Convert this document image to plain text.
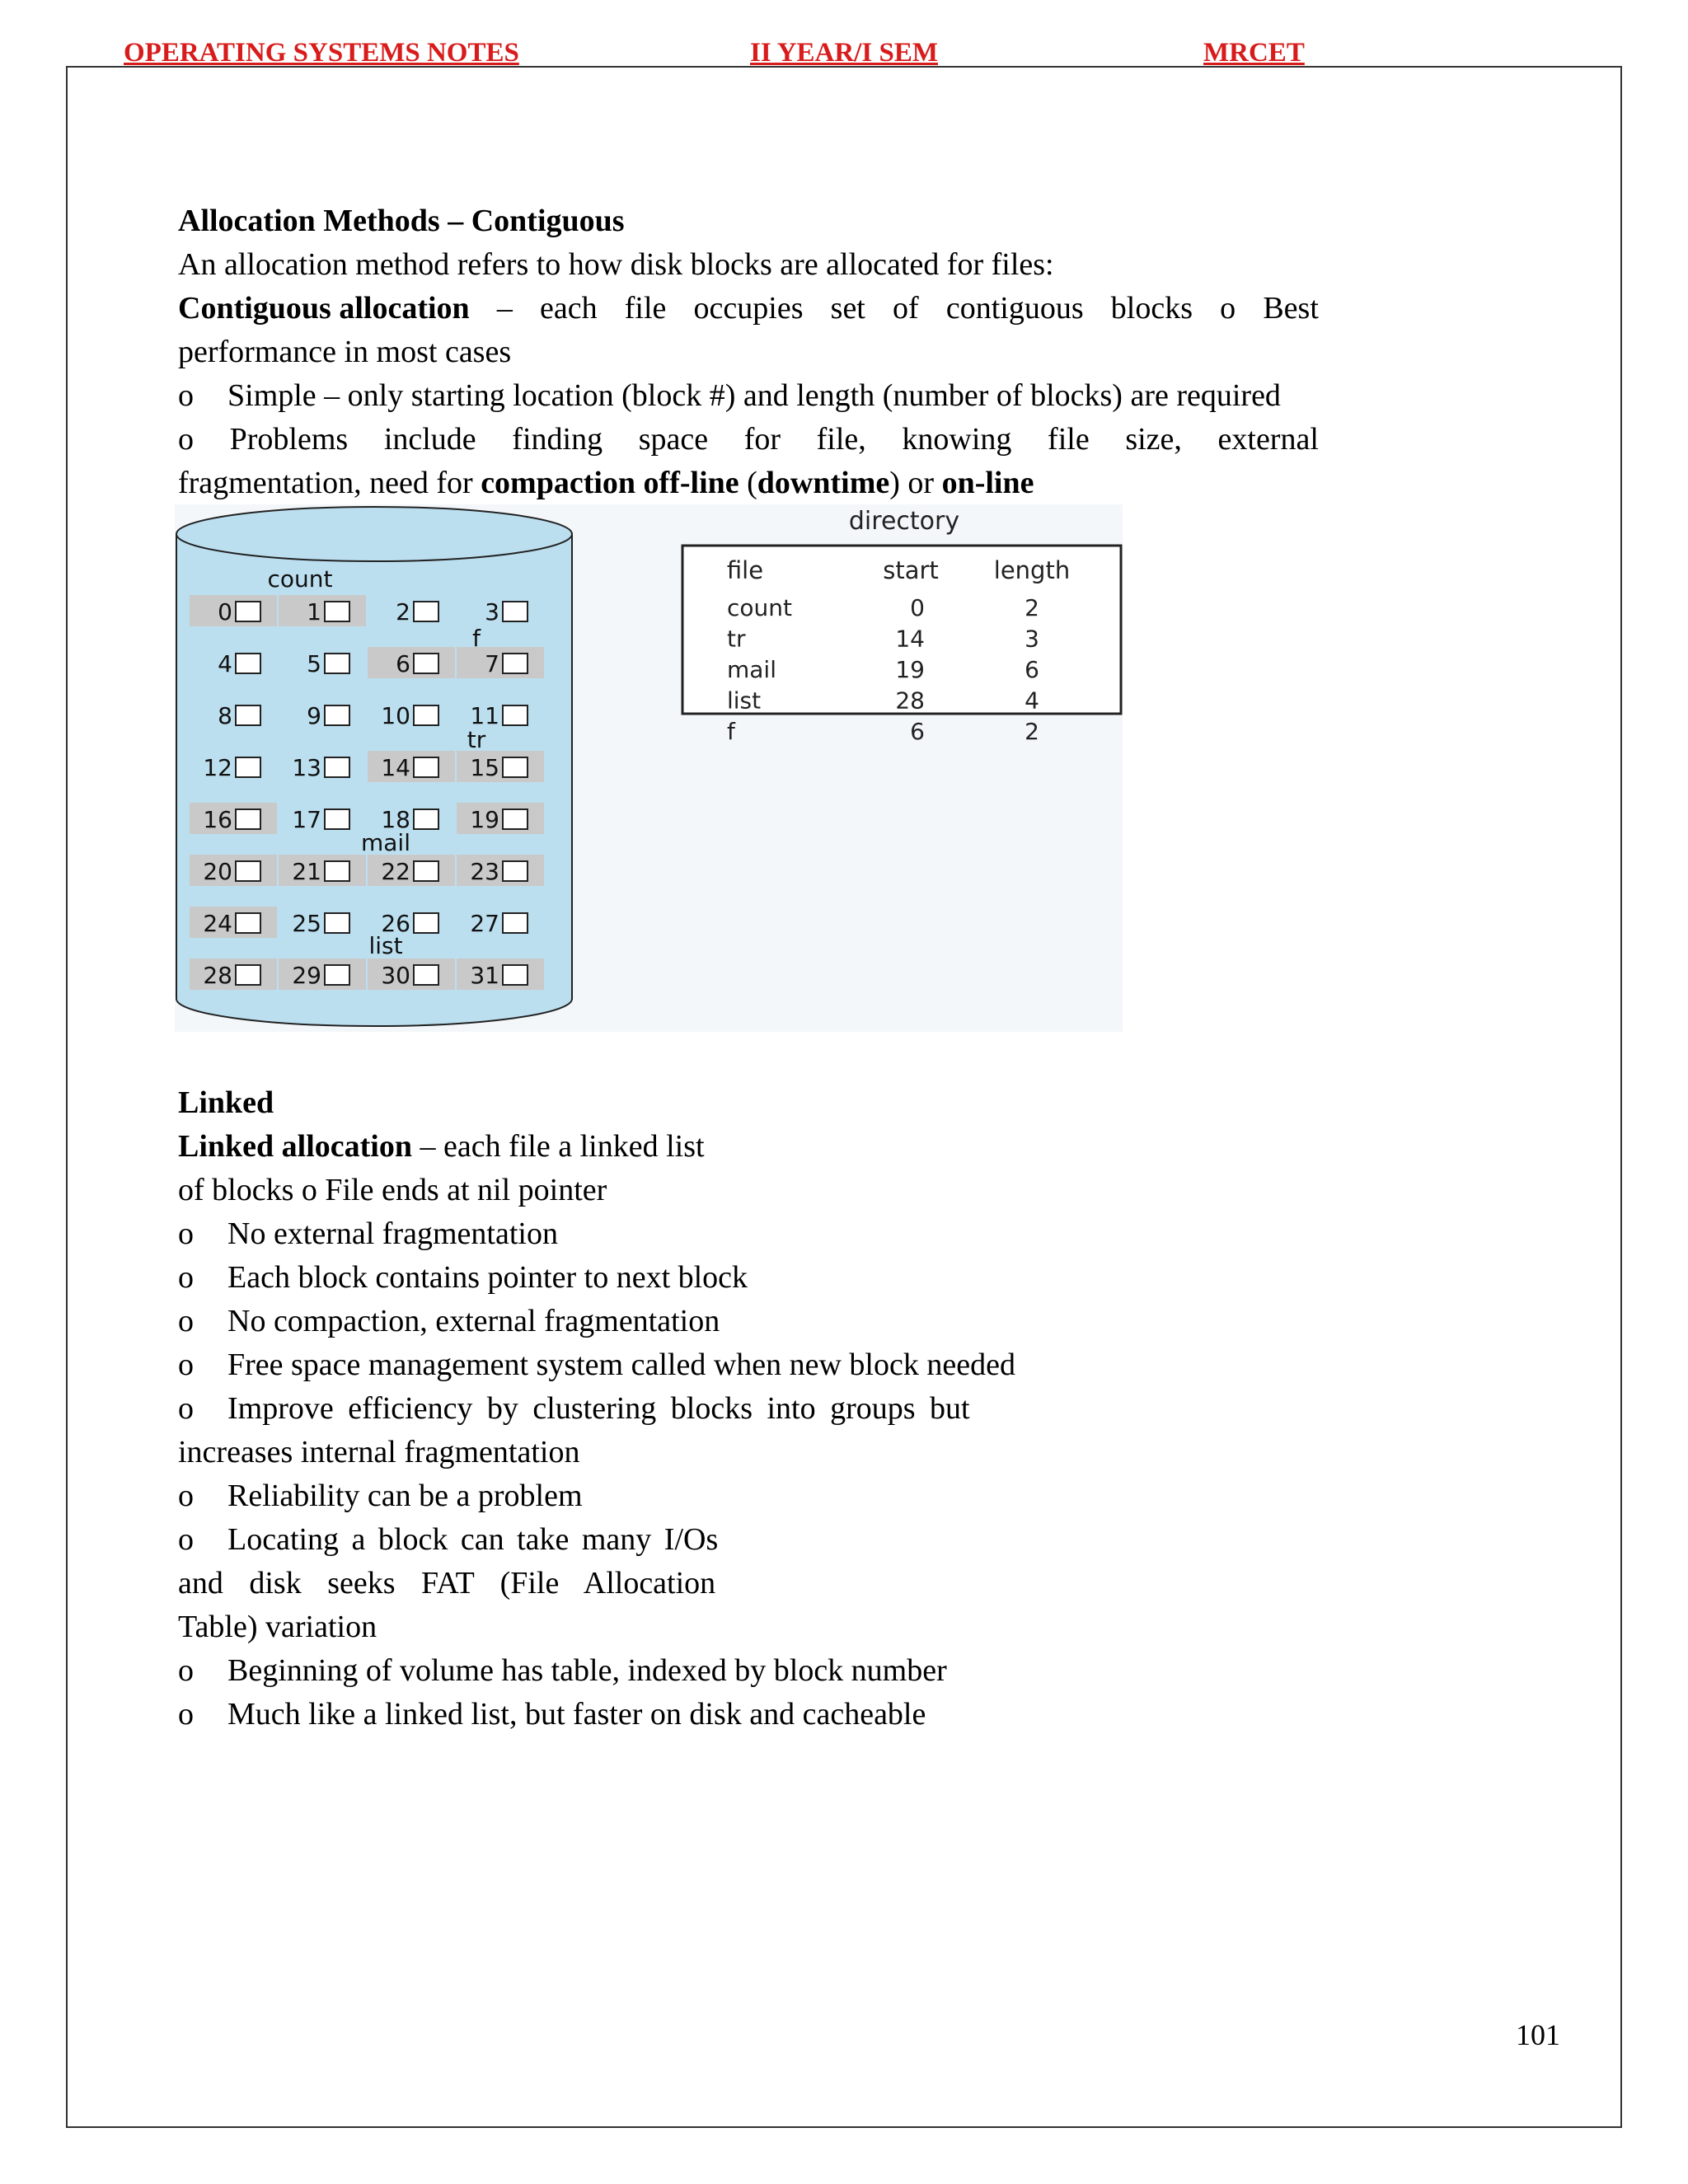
OPERATING SYSTEMS NOTES	II YEAR/I SEM	MRCET
Allocation Methods – Contiguous
An allocation method refers to how disk blocks are allocated for files:
Contiguous allocation – each file occupies set of contiguous blocks o Best
performance in most cases
o Simple – only starting location (block #) and length (number of blocks) are required
o Problems include finding space for file, knowing file size, external
fragmentation, need for compaction off-line (downtime) or on-line
0	1	2	3
4	5	6	7
8	9	10	11
12	13	14	15
16	17	18	19
20	21	22	23
24	25	26	27
28	29	30	31
count
f
tr
mail
list
directory
file	start length
count	0	2
tr	14	3
mail	19	6
list	28	4
f	6	2
Linked
Linked allocation – each file a linked list
of blocks o File ends at nil pointer
o No external fragmentation
o Each block contains pointer to next block
o No compaction, external fragmentation
o Free space management system called when new block needed
o Improve efficiency by clustering blocks into groups but
increases internal fragmentation
o Reliability can be a problem
o Locating a block can take many I/Os
and disk seeks FAT (File Allocation
Table) variation
o Beginning of volume has table, indexed by block number
o Much like a linked list, but faster on disk and cacheable
101
